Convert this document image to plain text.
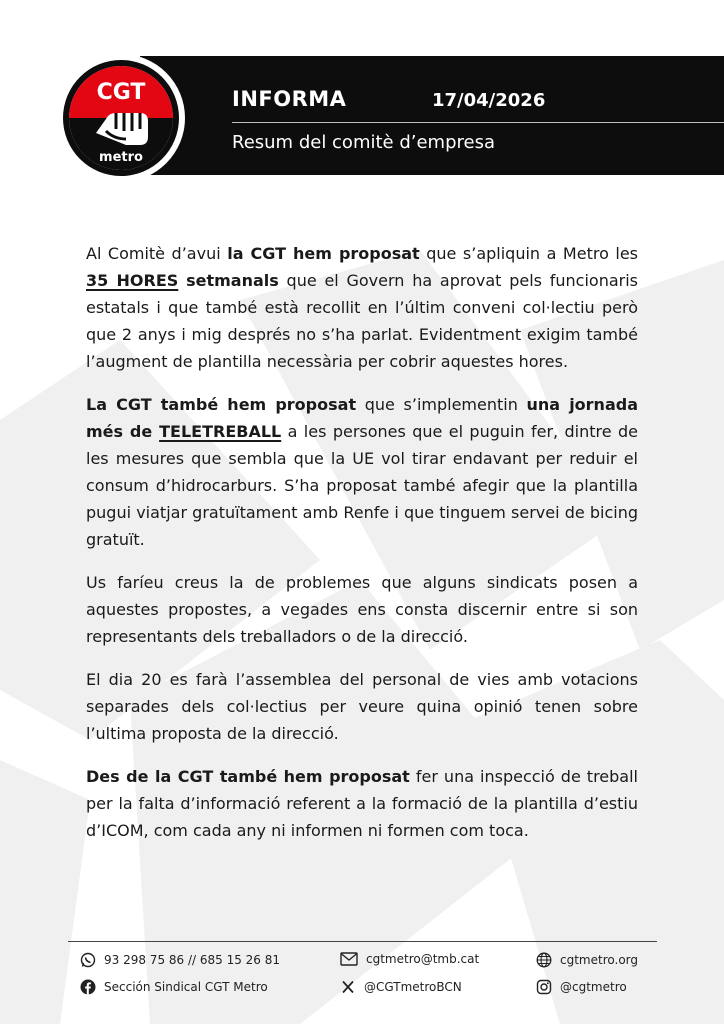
INFORMA	17/04/2026
Resum del comitè d’empresa
CGT
metro

Al Comitè d’avui la CGT hem proposat que s’apliquin a Metro les 35 HORES setmanals que el Govern ha aprovat pels funcionaris estatals i que també està recollit en l’últim conveni col·lectiu però que 2 anys i mig després no s’ha parlat. Evidentment exigim també l’augment de plantilla necessària per cobrir aquestes hores.

La CGT també hem proposat que s’implementin una jornada més de TELETREBALL a les persones que el puguin fer, dintre de les mesures que sembla que la UE vol tirar endavant per reduir el consum d’hidrocarburs. S’ha proposat també afegir que la plantilla pugui viatjar gratuïtament amb Renfe i que tinguem servei de bicing gratuït.

Us faríeu creus la de problemes que alguns sindicats posen a aquestes propostes, a vegades ens consta discernir entre si son representants dels treballadors o de la direcció.

El dia 20 es farà l’assemblea del personal de vies amb votacions separades dels col·lectius per veure quina opinió tenen sobre l’ultima proposta de la direcció.

Des de la CGT també hem proposat fer una inspecció de treball per la falta d’informació referent a la formació de la plantilla d’estiu d’ICOM, com cada any ni informen ni formen com toca.

93 298 75 86 // 685 15 26 81	cgtmetro@tmb.cat	cgtmetro.org
Sección Sindical CGT Metro	@CGTmetroBCN	@cgtmetro
